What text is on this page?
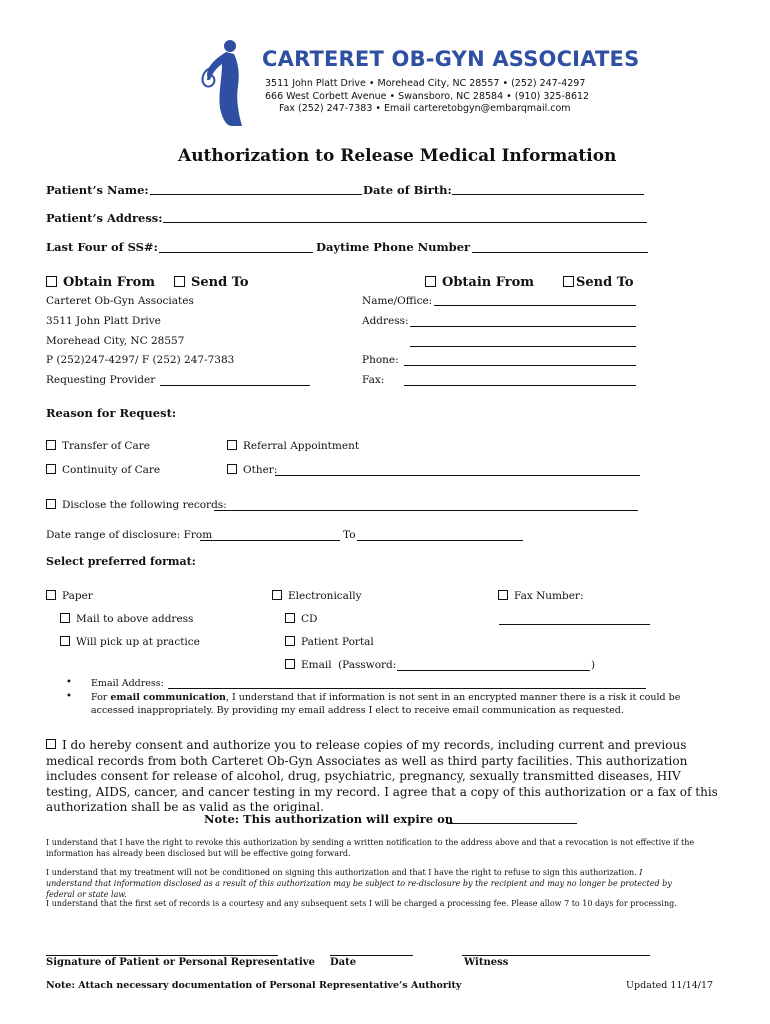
CARTERET OB-GYN ASSOCIATES
3511 John Platt Drive • Morehead City, NC 28557 • (252) 247-4297
666 West Corbett Avenue • Swansboro, NC 28584 • (910) 325-8612
Fax (252) 247-7383 • Email carteretobgyn@embarqmail.com
Authorization to Release Medical Information
Patient’s Name:	Date of Birth:
Patient’s Address:
Last Four of SS#:	Daytime Phone Number
Obtain From	Send To
Carteret Ob-Gyn Associates
3511 John Platt Drive
Morehead City, NC 28557
P (252)247-4297/ F (252) 247-7383
Requesting Provider
Obtain From	Send To
Name/Office:
Address:
Phone:
Fax:
Reason for Request:
Transfer of Care	Referral Appointment
Continuity of Care	Other:
Disclose the following records:
Date range of disclosure: From	To
Select preferred format:
Paper
Mail to above address
Will pick up at practice
Electronically
CD
Patient Portal
Email (Password:	)
Fax Number:
• Email Address:
• For email communication, I understand that if information is not sent in an encrypted manner there is a risk it could be accessed inappropriately. By providing my email address I elect to receive email communication as requested.
I do hereby consent and authorize you to release copies of my records, including current and previous medical records from both Carteret Ob-Gyn Associates as well as third party facilities. This authorization includes consent for release of alcohol, drug, psychiatric, pregnancy, sexually transmitted diseases, HIV testing, AIDS, cancer, and cancer testing in my record. I agree that a copy of this authorization or a fax of this authorization shall be as valid as the original.
Note: This authorization will expire on
I understand that I have the right to revoke this authorization by sending a written notification to the address above and that a revocation is not effective if the information has already been disclosed but will be effective going forward.
I understand that my treatment will not be conditioned on signing this authorization and that I have the right to refuse to sign this authorization. I understand that information disclosed as a result of this authorization may be subject to re-disclosure by the recipient and may no longer be protected by federal or state law.
I understand that the first set of records is a courtesy and any subsequent sets I will be charged a processing fee. Please allow 7 to 10 days for processing.
Signature of Patient or Personal Representative Date	Witness
Note: Attach necessary documentation of Personal Representative’s Authority	Updated 11/14/17
